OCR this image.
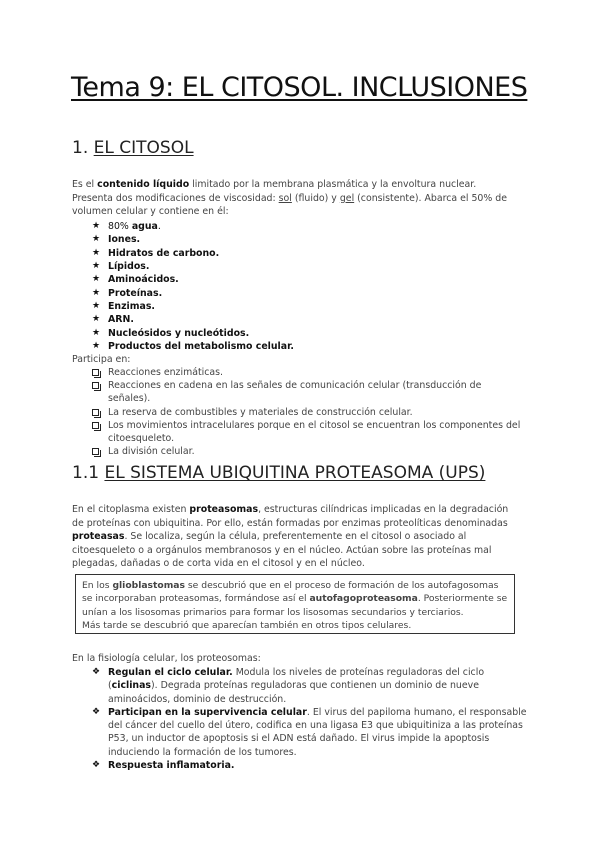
Tema 9: EL CITOSOL. INCLUSIONES
1. EL CITOSOL

Es el contenido líquido limitado por la membrana plasmática y la envoltura nuclear. Presenta dos modificaciones de viscosidad: sol (fluido) y gel (consistente). Abarca el 50% de volumen celular y contiene en él:

★ 80% agua.
★ Iones.
★ Hidratos de carbono.
★ Lípidos.
★ Aminoácidos.
★ Proteínas.
★ Enzimas.
★ ARN.
★ Nucleósidos y nucleótidos.
★ Productos del metabolismo celular.

Participa en:

Reacciones enzimáticas.
Reacciones en cadena en las señales de comunicación celular (transducción de señales).
La reserva de combustibles y materiales de construcción celular.
Los movimientos intracelulares porque en el citosol se encuentran los componentes del citoesqueleto.
La división celular.
1.1 EL SISTEMA UBIQUITINA PROTEASOMA (UPS)

En el citoplasma existen proteasomas, estructuras cilíndricas implicadas en la degradación de proteínas con ubiquitina. Por ello, están formadas por enzimas proteolíticas denominadas proteasas. Se localiza, según la célula, preferentemente en el citosol o asociado al citoesqueleto o a orgánulos membranosos y en el núcleo. Actúan sobre las proteínas mal plegadas, dañadas o de corta vida en el citosol y en el núcleo.

En los glioblastomas se descubrió que en el proceso de formación de los autofagosomas se incorporaban proteasomas, formándose así el autofagoproteasoma. Posteriormente se unían a los lisosomas primarios para formar los lisosomas secundarios y terciarios.
Más tarde se descubrió que aparecían también en otros tipos celulares.

En la fisiología celular, los proteosomas:

❖ Regulan el ciclo celular. Modula los niveles de proteínas reguladoras del ciclo (ciclinas). Degrada proteínas reguladoras que contienen un dominio de nueve aminoácidos, dominio de destrucción.
❖ Participan en la supervivencia celular. El virus del papiloma humano, el responsable del cáncer del cuello del útero, codifica en una ligasa E3 que ubiquitiniza a las proteínas P53, un inductor de apoptosis si el ADN está dañado. El virus impide la apoptosis induciendo la formación de los tumores.
❖ Respuesta inflamatoria.
